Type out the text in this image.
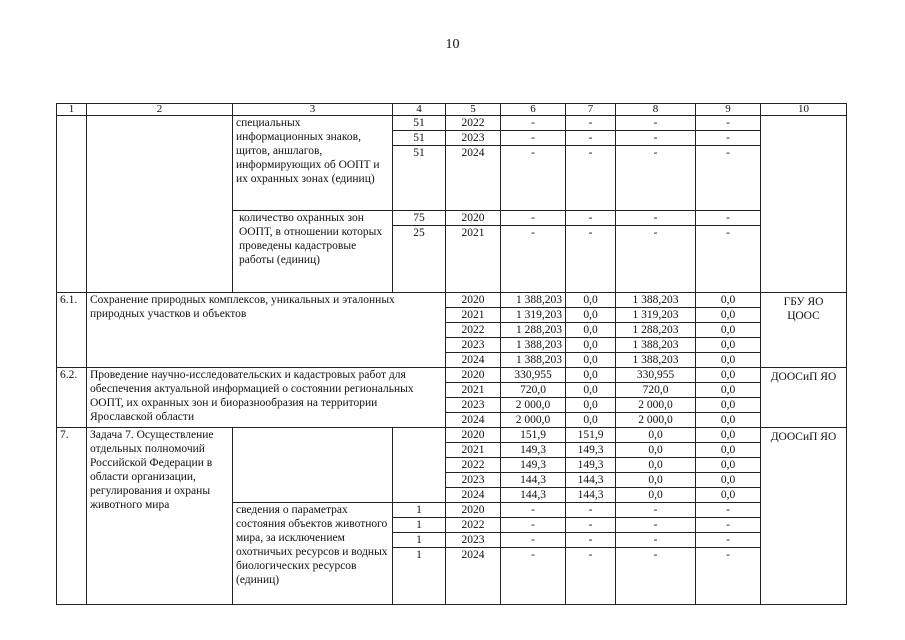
10
1	2	3	4	5	6	7	8	9	10
		специальных информационных знаков, щитов, аншлагов, информирующих об ООПТ и их охранных зонах (единиц)	51	2022	-	-	-	-	
			51	2023	-	-	-	-	
			51	2024	-	-	-	-	
		количество охранных зон ООПТ, в отношении которых проведены кадастровые работы (единиц)	75	2020	-	-	-	-	
			25	2021	-	-	-	-	
6.1.	Сохранение природных комплексов, уникальных и эталонных природных участков и объектов			2020	1 388,203	0,0	1 388,203	0,0	ГБУ ЯО ЦООС
				2021	1 319,203	0,0	1 319,203	0,0	
				2022	1 288,203	0,0	1 288,203	0,0	
				2023	1 388,203	0,0	1 388,203	0,0	
				2024	1 388,203	0,0	1 388,203	0,0	
6.2.	Проведение научно-исследовательских и кадастровых работ для обеспечения актуальной информацией о состоянии региональных ООПТ, их охранных зон и биоразнообразия на территории Ярославской области			2020	330,955	0,0	330,955	0,0	ДООСиП ЯО
				2021	720,0	0,0	720,0	0,0	
				2023	2 000,0	0,0	2 000,0	0,0	
				2024	2 000,0	0,0	2 000,0	0,0	
7.	Задача 7. Осуществление отдельных полномочий Российской Федерации в области организации, регулирования и охраны животного мира			2020	151,9	151,9	0,0	0,0	ДООСиП ЯО
				2021	149,3	149,3	0,0	0,0	
				2022	149,3	149,3	0,0	0,0	
				2023	144,3	144,3	0,0	0,0	
				2024	144,3	144,3	0,0	0,0	
		сведения о параметрах состояния объектов животного мира, за исключением охотничьих ресурсов и водных биологических ресурсов (единиц)	1	2020	-	-	-	-	
			1	2022	-	-	-	-	
			1	2023	-	-	-	-	
			1	2024	-	-	-	-	
